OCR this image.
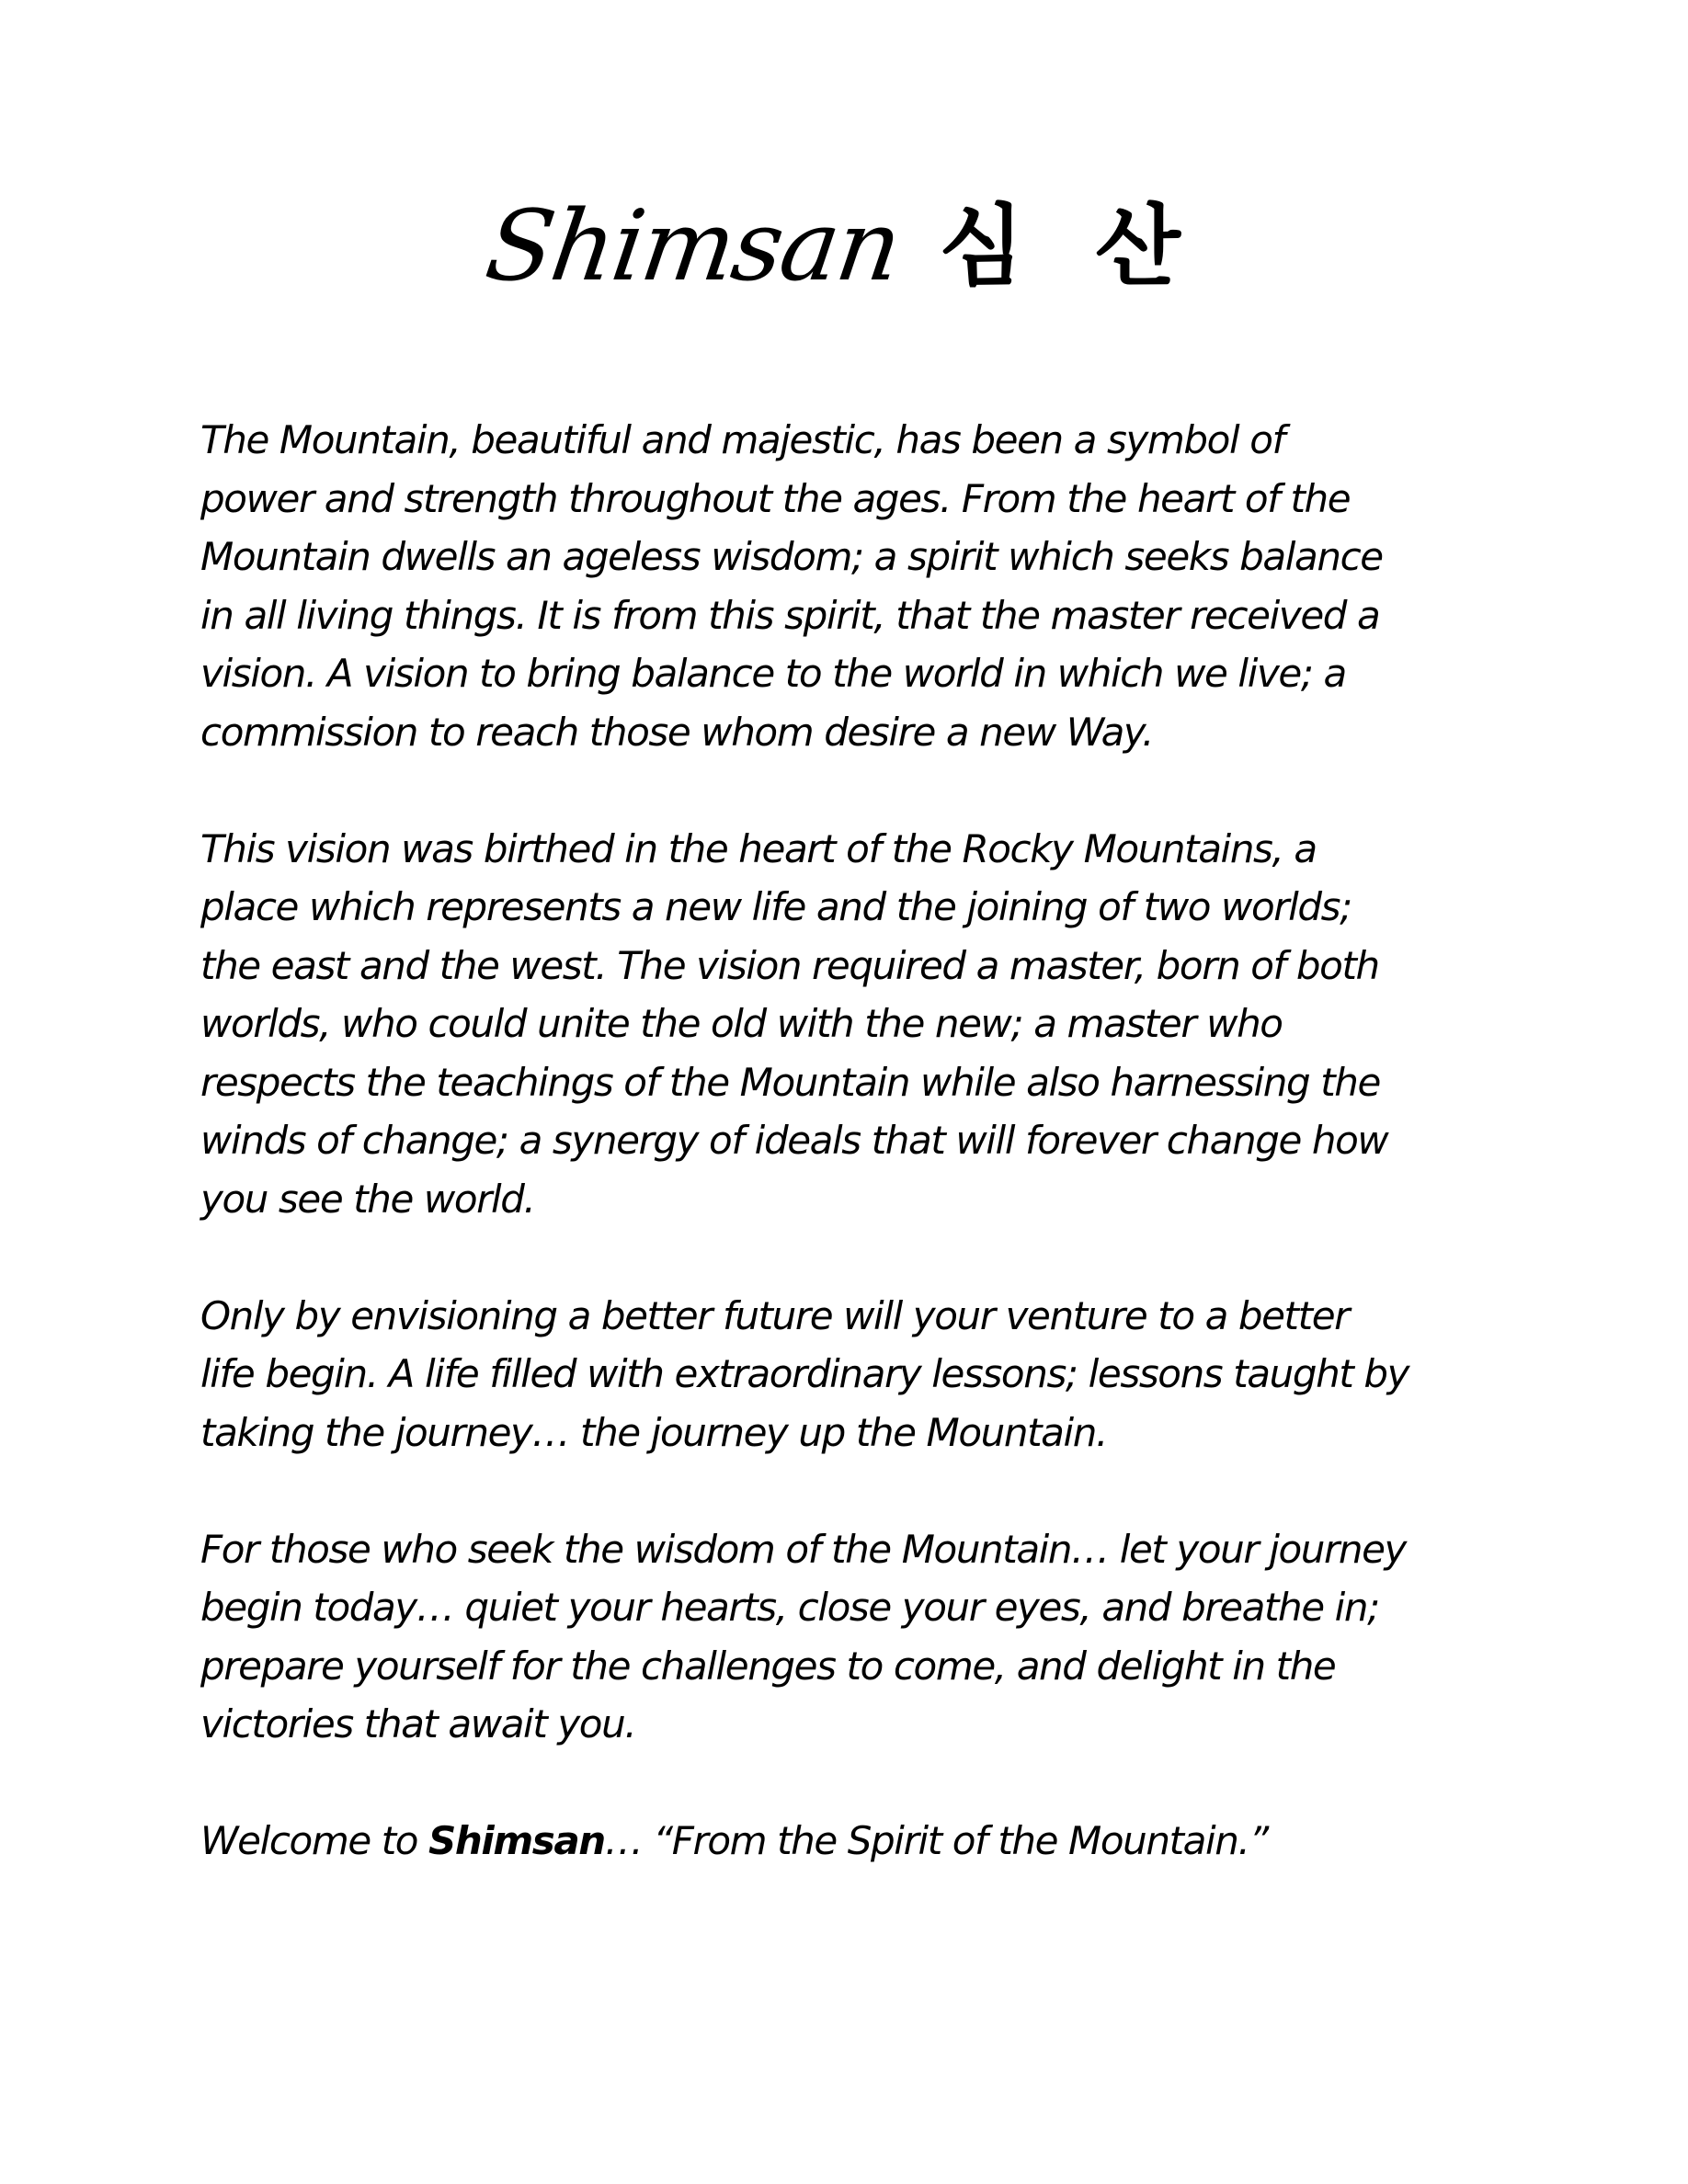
Shimsan 심 산

The Mountain, beautiful and majestic, has been a symbol of
power and strength throughout the ages. From the heart of the
Mountain dwells an ageless wisdom; a spirit which seeks balance
in all living things. It is from this spirit, that the master received a
vision. A vision to bring balance to the world in which we live; a
commission to reach those whom desire a new Way.

This vision was birthed in the heart of the Rocky Mountains, a
place which represents a new life and the joining of two worlds;
the east and the west. The vision required a master, born of both
worlds, who could unite the old with the new; a master who
respects the teachings of the Mountain while also harnessing the
winds of change; a synergy of ideals that will forever change how
you see the world.

Only by envisioning a better future will your venture to a better
life begin. A life filled with extraordinary lessons; lessons taught by
taking the journey… the journey up the Mountain.

For those who seek the wisdom of the Mountain… let your journey
begin today… quiet your hearts, close your eyes, and breathe in;
prepare yourself for the challenges to come, and delight in the
victories that await you.

Welcome to Shimsan… “From the Spirit of the Mountain.”
